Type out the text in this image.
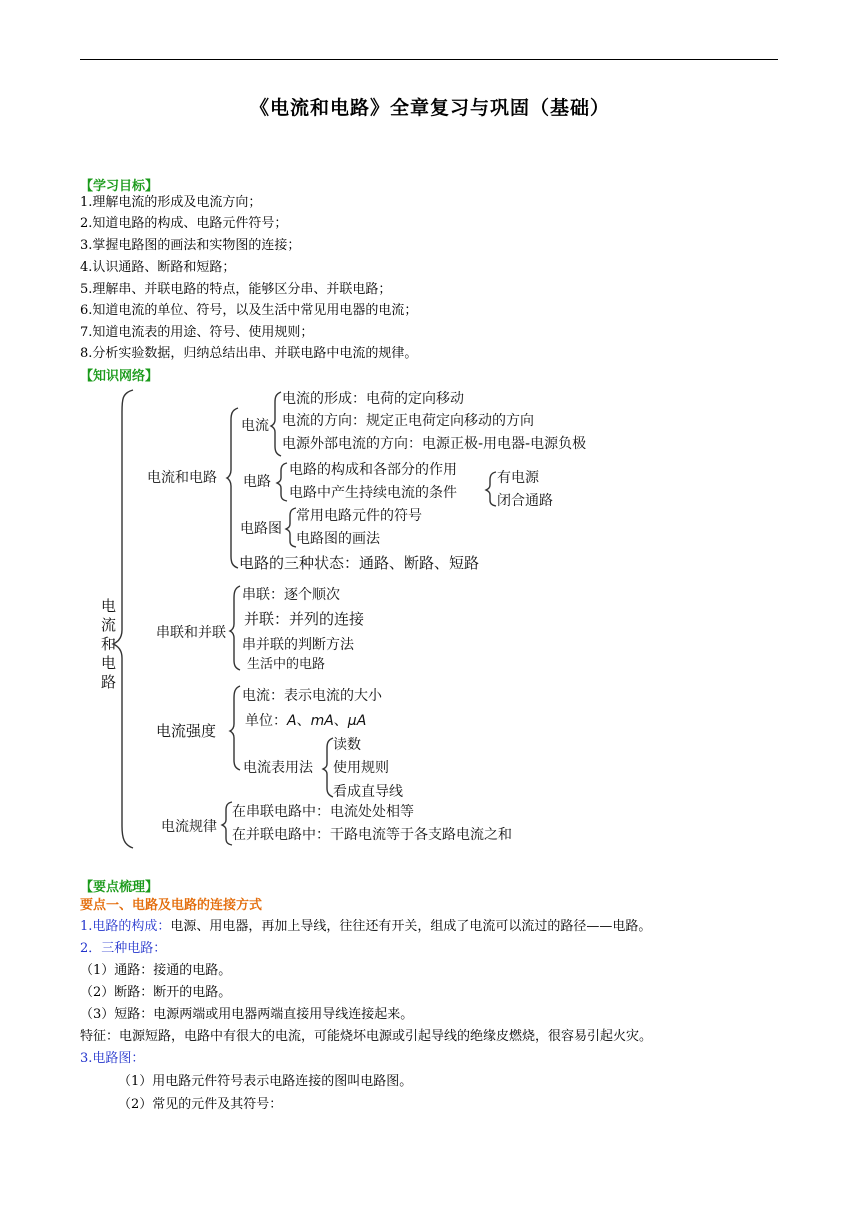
《电流和电路》全章复习与巩固（基础）
【学习目标】
1.理解电流的形成及电流方向；
2.知道电路的构成、电路元件符号；
3.掌握电路图的画法和实物图的连接；
4.认识通路、断路和短路；
5.理解串、并联电路的特点，能够区分串、并联电路；
6.知道电流的单位、符号，以及生活中常见用电器的电流；
7.知道电流表的用途、符号、使用规则；
8.分析实验数据，归纳总结出串、并联电路中电流的规律。
【知识网络】
电
流
和
电
路
电流和电路
串联和并联
电流强度
电流规律
电流
电路
电路图
电路的三种状态：通路、断路、短路
电流的形成：电荷的定向移动
电流的方向：规定正电荷定向移动的方向
电源外部电流的方向：电源正极-用电器-电源负极
电路的构成和各部分的作用
电路中产生持续电流的条件
有电源
闭合通路
常用电路元件的符号
电路图的画法
串联：逐个顺次
并联：并列的连接
串并联的判断方法
生活中的电路
电流：表示电流的大小
单位：A、mA、μA
电流表用法
读数
使用规则
看成直导线
在串联电路中：电流处处相等
在并联电路中：干路电流等于各支路电流之和
【要点梳理】
要点一、电路及电路的连接方式
1.电路的构成：电源、用电器，再加上导线，往往还有开关，组成了电流可以流过的路径——电路。
2．三种电路：
（1）通路：接通的电路。
（2）断路：断开的电路。
（3）短路：电源两端或用电器两端直接用导线连接起来。
特征：电源短路，电路中有很大的电流，可能烧坏电源或引起导线的绝缘皮燃烧，很容易引起火灾。
3.电路图：
（1）用电路元件符号表示电路连接的图叫电路图。
（2）常见的元件及其符号：
